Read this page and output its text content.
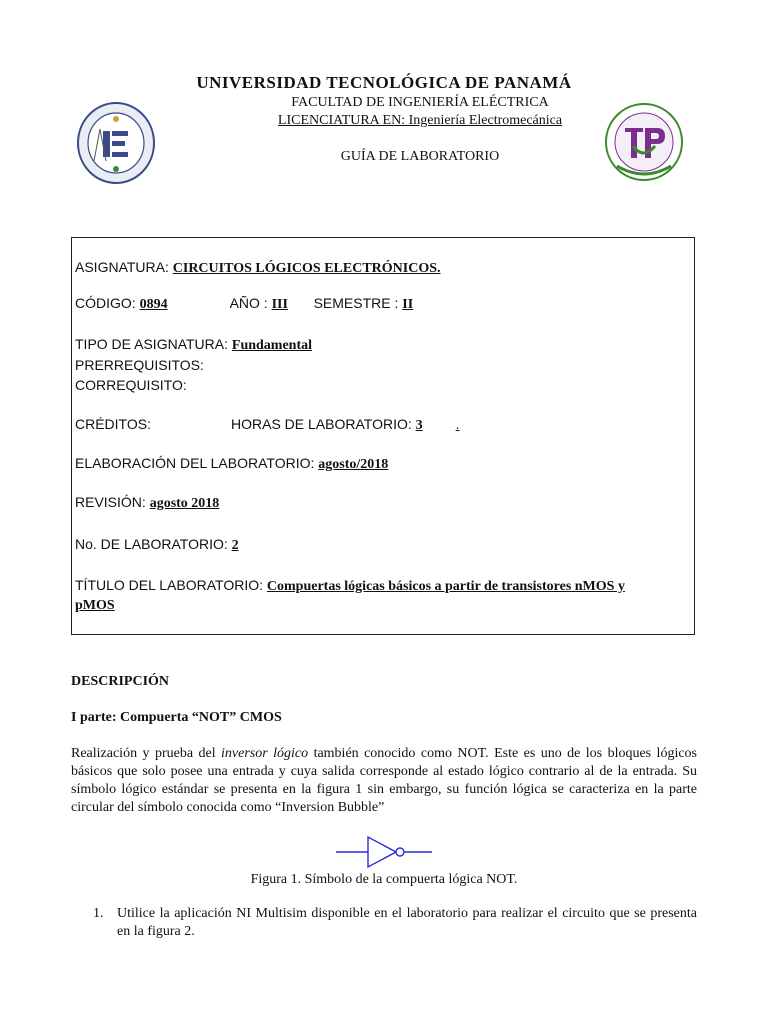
UNIVERSIDAD TECNOLÓGICA DE PANAMÁ
FACULTAD DE INGENIERÍA ELÉCTRICA
LICENCIATURA EN: Ingeniería Electromecánica
GUÍA DE LABORATORIO
ASIGNATURA: CIRCUITOS LÓGICOS ELECTRÓNICOS.
CÓDIGO: 0894	AÑO : III SEMESTRE : II
TIPO DE ASIGNATURA: Fundamental
PRERREQUISITOS:
CORREQUISITO:
CRÉDITOS:	HORAS DE LABORATORIO: 3 .
ELABORACIÓN DEL LABORATORIO: agosto/2018
REVISIÓN: agosto 2018
No. DE LABORATORIO: 2
TÍTULO DEL LABORATORIO: Compuertas lógicas básicos a partir de transistores nMOS y
pMOS
DESCRIPCIÓN
I parte: Compuerta “NOT” CMOS
Realización y prueba del inversor lógico también conocido como NOT. Este es uno de los bloques lógicos básicos que solo posee una entrada y cuya salida corresponde al estado lógico contrario al de la entrada. Su símbolo lógico estándar se presenta en la figura 1 sin embargo, su función lógica se caracteriza en la parte circular del símbolo conocida como “Inversion Bubble”
Figura 1. Símbolo de la compuerta lógica NOT.
1. Utilice la aplicación NI Multisim disponible en el laboratorio para realizar el circuito que se presenta en la figura 2.
